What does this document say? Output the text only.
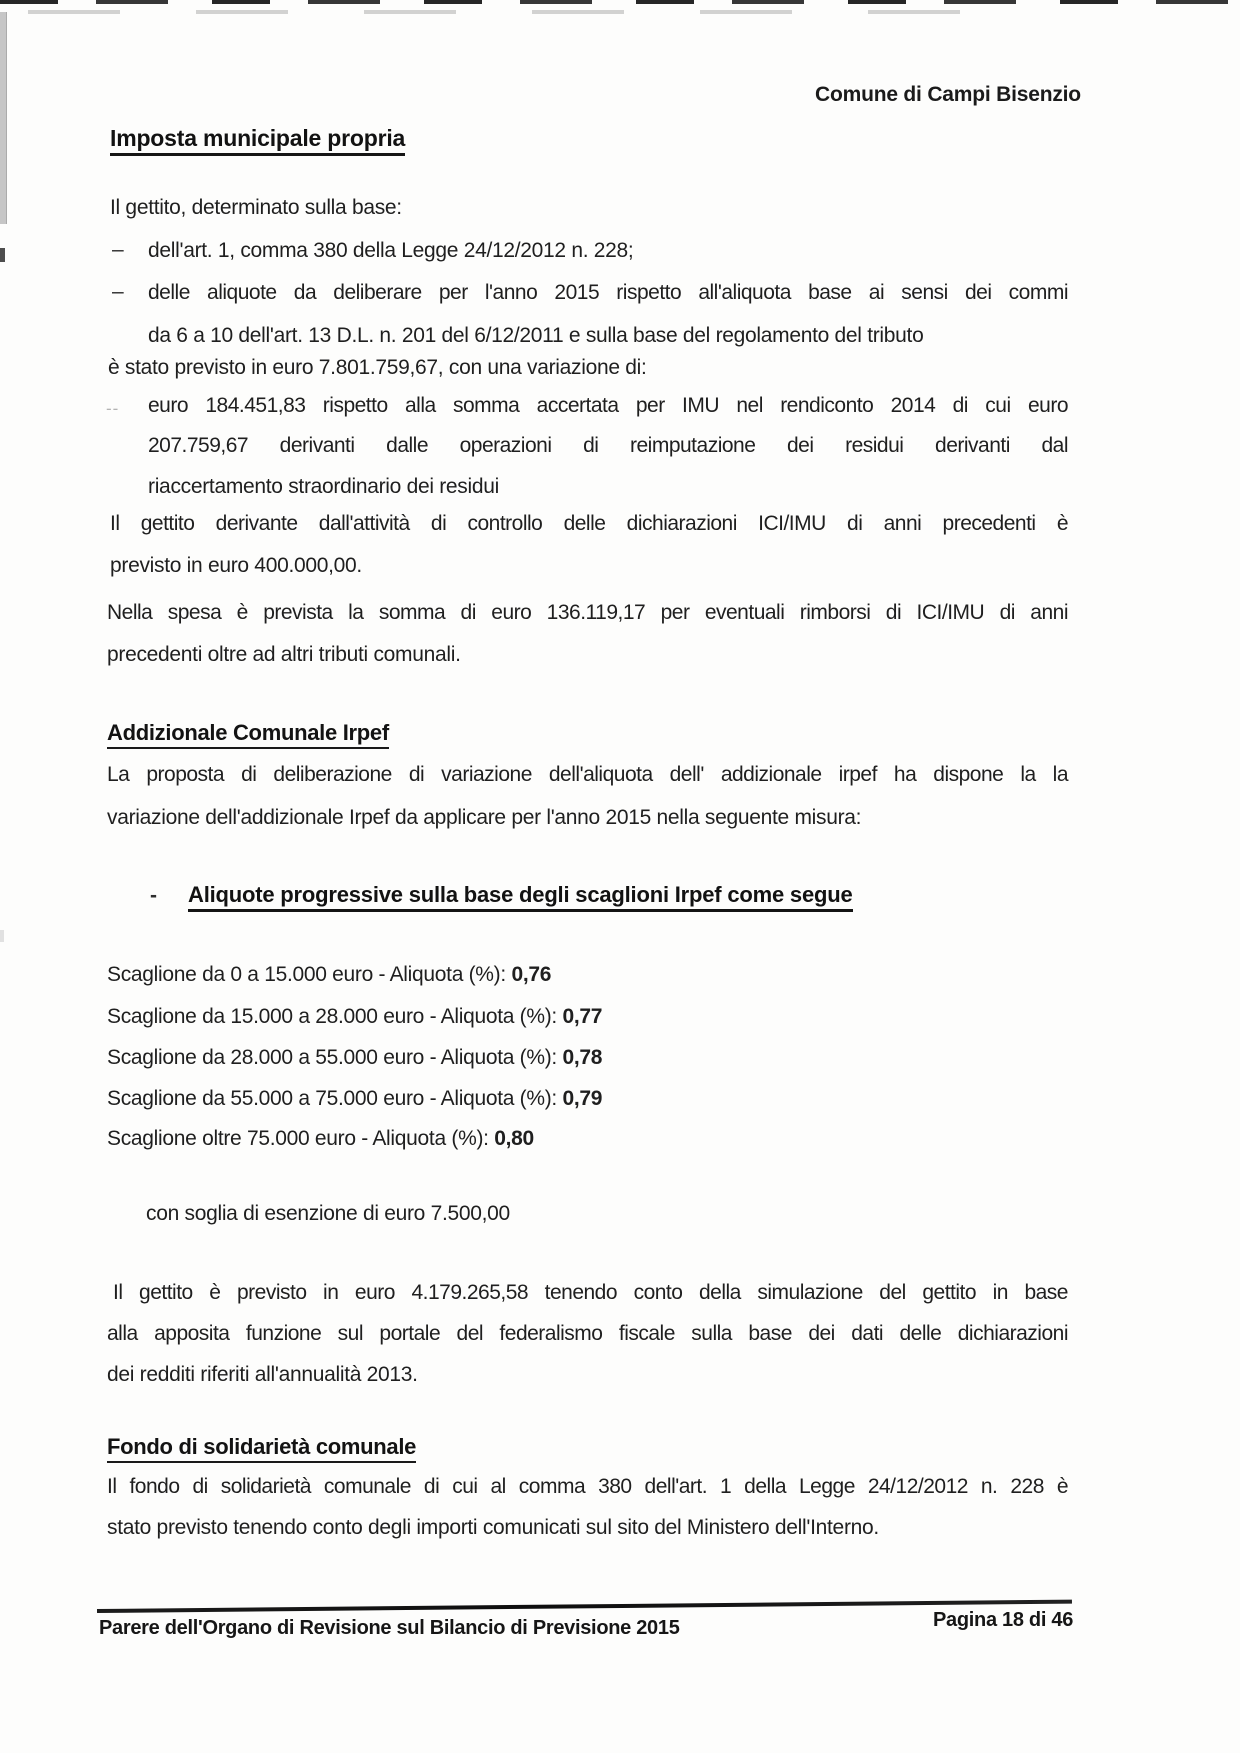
Comune di Campi Bisenzio
Imposta municipale propria
Il gettito, determinato sulla base:
– dell'art. 1, comma 380 della Legge 24/12/2012 n. 228;
– delle aliquote da deliberare per l'anno 2015 rispetto all'aliquota base ai sensi dei commi
da 6 a 10 dell'art. 13 D.L. n. 201 del 6/12/2011 e sulla base del regolamento del tributo
è stato previsto in euro 7.801.759,67, con una variazione di:
-- euro 184.451,83 rispetto alla somma accertata per IMU nel rendiconto 2014 di cui euro
207.759,67 derivanti dalle operazioni di reimputazione dei residui derivanti dal
riaccertamento straordinario dei residui
Il gettito derivante dall'attività di controllo delle dichiarazioni ICI/IMU di anni precedenti è
previsto in euro 400.000,00.
Nella spesa è prevista la somma di euro 136.119,17 per eventuali rimborsi di ICI/IMU di anni
precedenti oltre ad altri tributi comunali.
Addizionale Comunale Irpef
La proposta di deliberazione di variazione dell'aliquota dell' addizionale irpef ha dispone la la
variazione dell'addizionale Irpef da applicare per l'anno 2015 nella seguente misura:
- Aliquote progressive sulla base degli scaglioni Irpef come segue
Scaglione da 0 a 15.000 euro - Aliquota (%): 0,76
Scaglione da 15.000 a 28.000 euro - Aliquota (%): 0,77
Scaglione da 28.000 a 55.000 euro - Aliquota (%): 0,78
Scaglione da 55.000 a 75.000 euro - Aliquota (%): 0,79
Scaglione oltre 75.000 euro - Aliquota (%): 0,80
con soglia di esenzione di euro 7.500,00
Il gettito è previsto in euro 4.179.265,58 tenendo conto della simulazione del gettito in base
alla apposita funzione sul portale del federalismo fiscale sulla base dei dati delle dichiarazioni
dei redditi riferiti all'annualità 2013.
Fondo di solidarietà comunale
Il fondo di solidarietà comunale di cui al comma 380 dell'art. 1 della Legge 24/12/2012 n. 228 è
stato previsto tenendo conto degli importi comunicati sul sito del Ministero dell'Interno.
Parere dell'Organo di Revisione sul Bilancio di Previsione 2015	Pagina 18 di 46
